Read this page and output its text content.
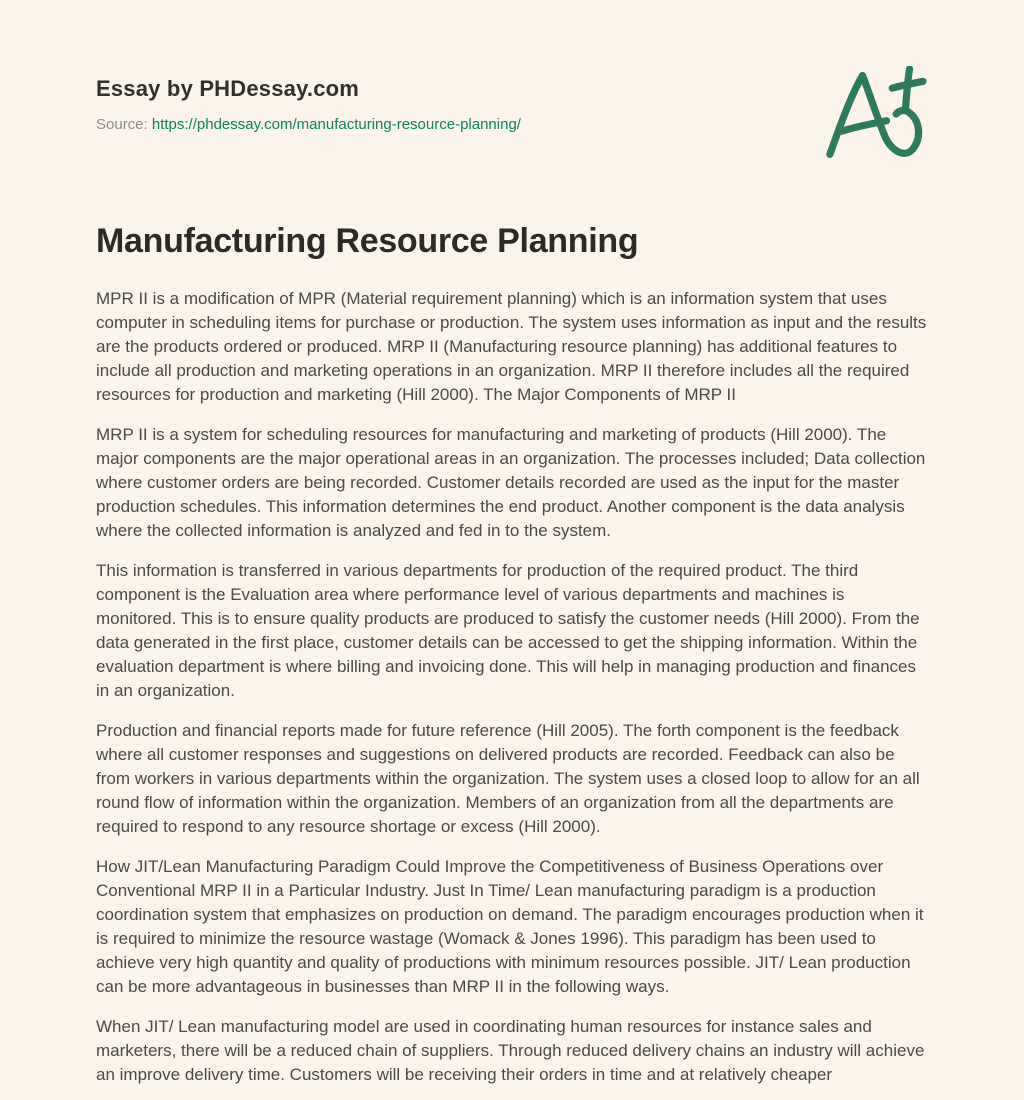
Essay by PHDessay.com

Source: https://phdessay.com/manufacturing-resource-planning/

Manufacturing Resource Planning

MPR II is a modification of MPR (Material requirement planning) which is an information system that uses computer in scheduling items for purchase or production. The system uses information as input and the results are the products ordered or produced. MRP II (Manufacturing resource planning) has additional features to include all production and marketing operations in an organization. MRP II therefore includes all the required resources for production and marketing (Hill 2000). The Major Components of MRP II

MRP II is a system for scheduling resources for manufacturing and marketing of products (Hill 2000). The major components are the major operational areas in an organization. The processes included; Data collection where customer orders are being recorded. Customer details recorded are used as the input for the master production schedules. This information determines the end product. Another component is the data analysis where the collected information is analyzed and fed in to the system.

This information is transferred in various departments for production of the required product. The third component is the Evaluation area where performance level of various departments and machines is monitored. This is to ensure quality products are produced to satisfy the customer needs (Hill 2000). From the data generated in the first place, customer details can be accessed to get the shipping information. Within the evaluation department is where billing and invoicing done. This will help in managing production and finances in an organization.

Production and financial reports made for future reference (Hill 2005). The forth component is the feedback where all customer responses and suggestions on delivered products are recorded. Feedback can also be from workers in various departments within the organization. The system uses a closed loop to allow for an all round flow of information within the organization. Members of an organization from all the departments are required to respond to any resource shortage or excess (Hill 2000).

How JIT/Lean Manufacturing Paradigm Could Improve the Competitiveness of Business Operations over Conventional MRP II in a Particular Industry. Just In Time/ Lean manufacturing paradigm is a production coordination system that emphasizes on production on demand. The paradigm encourages production when it is required to minimize the resource wastage (Womack & Jones 1996). This paradigm has been used to achieve very high quantity and quality of productions with minimum resources possible. JIT/ Lean production can be more advantageous in businesses than MRP II in the following ways.

When JIT/ Lean manufacturing model are used in coordinating human resources for instance sales and marketers, there will be a reduced chain of suppliers. Through reduced delivery chains an industry will achieve an improve delivery time. Customers will be receiving their orders in time and at relatively cheaper
